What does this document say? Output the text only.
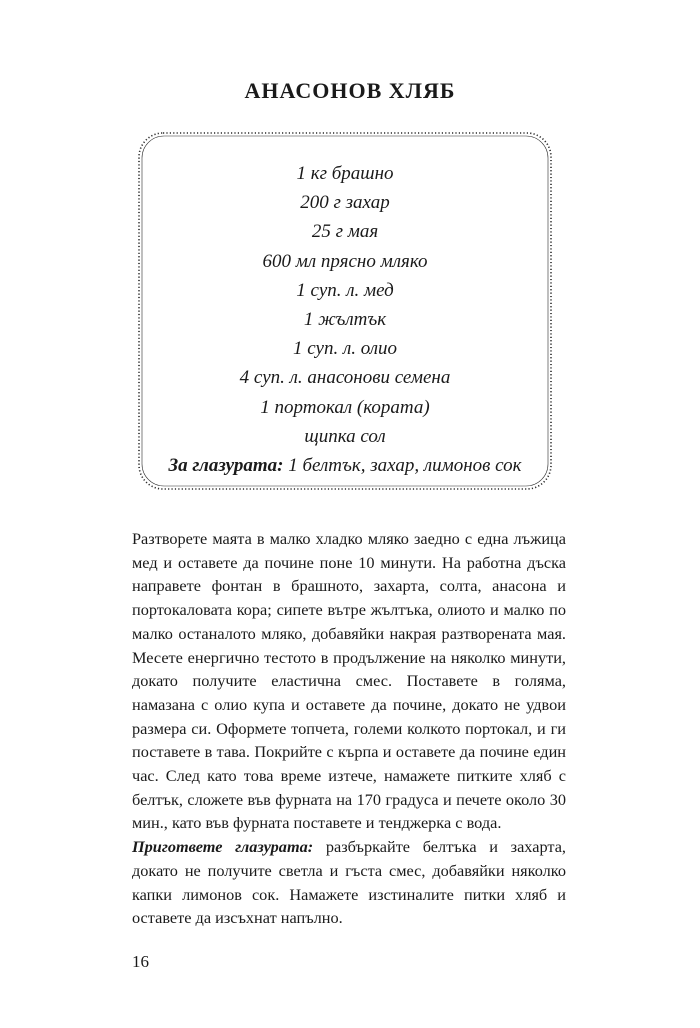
АНАСОНОВ ХЛЯБ
1 кг брашно
200 г захар
25 г мая
600 мл прясно мляко
1 суп. л. мед
1 жълтък
1 суп. л. олио
4 суп. л. анасонови семена
1 портокал (кората)
щипка сол
За глазурата: 1 белтък, захар, лимонов сок

Разтворете маята в малко хладко мляко заедно с една лъжица мед и оставете да почине поне 10 минути. На работна дъска направете фонтан в брашното, захарта, солта, анасона и портокаловата кора; сипете вътре жълтъка, олиото и малко по малко останалото мляко, добавяйки накрая разтворената мая. Месете енергично тестото в продължение на няколко минути, докато получите еластична смес. Поставете в голяма, намазана с олио купа и оставете да почине, докато не удвои размера си. Оформете топчета, големи колкото портокал, и ги поставете в тава. Покрийте с кърпа и оставете да почине един час. След като това време изтече, намажете питките хляб с белтък, сложете във фурната на 170 градуса и печете около 30 мин., като във фурната поставете и тенджерка с вода.

Пригответе глазурата: разбъркайте белтъка и захарта, докато не получите светла и гъста смес, добавяйки няколко капки лимонов сок. Намажете изстиналите питки хляб и оставете да изсъхнат напълно.

16
